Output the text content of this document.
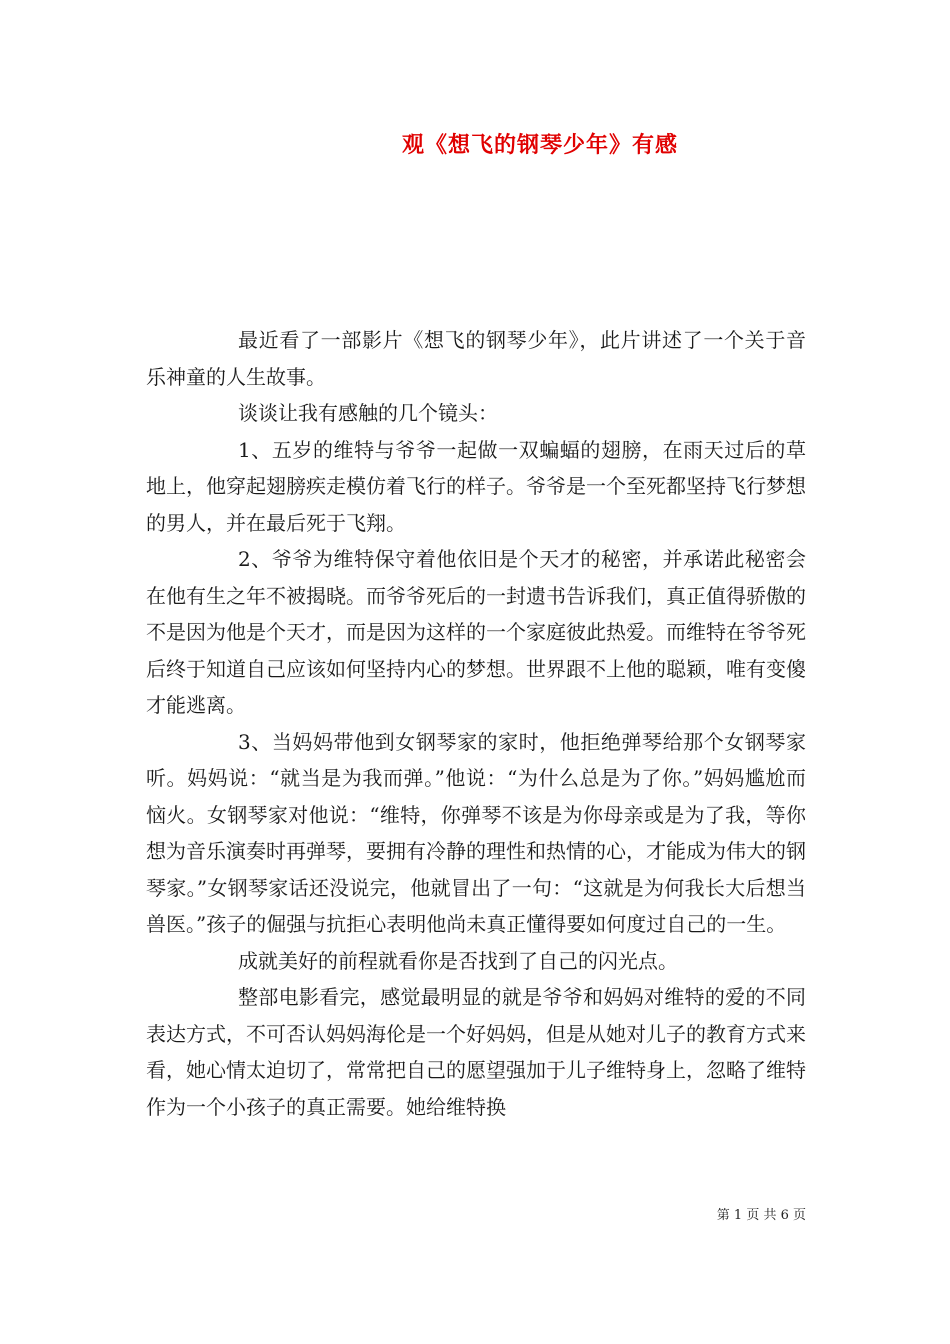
观《想飞的钢琴少年》有感

最近看了一部影片《想飞的钢琴少年》，此片讲述了一个关于音乐神童的人生故事。

谈谈让我有感触的几个镜头：

1、五岁的维特与爷爷一起做一双蝙蝠的翅膀，在雨天过后的草地上，他穿起翅膀疾走模仿着飞行的样子。爷爷是一个至死都坚持飞行梦想的男人，并在最后死于飞翔。

2、爷爷为维特保守着他依旧是个天才的秘密，并承诺此秘密会在他有生之年不被揭晓。而爷爷死后的一封遗书告诉我们，真正值得骄傲的不是因为他是个天才，而是因为这样的一个家庭彼此热爱。而维特在爷爷死后终于知道自己应该如何坚持内心的梦想。世界跟不上他的聪颖，唯有变傻才能逃离。

3、当妈妈带他到女钢琴家的家时，他拒绝弹琴给那个女钢琴家听。妈妈说：“就当是为我而弹。”他说：“为什么总是为了你。”妈妈尴尬而恼火。女钢琴家对他说：“维特，你弹琴不该是为你母亲或是为了我，等你想为音乐演奏时再弹琴，要拥有冷静的理性和热情的心，才能成为伟大的钢琴家。”女钢琴家话还没说完，他就冒出了一句：“这就是为何我长大后想当兽医。”孩子的倔强与抗拒心表明他尚未真正懂得要如何度过自己的一生。

成就美好的前程就看你是否找到了自己的闪光点。

整部电影看完，感觉最明显的就是爷爷和妈妈对维特的爱的不同表达方式，不可否认妈妈海伦是一个好妈妈，但是从她对儿子的教育方式来看，她心情太迫切了，常常把自己的愿望强加于儿子维特身上，忽略了维特作为一个小孩子的真正需要。她给维特换

第 1 页 共 6 页
